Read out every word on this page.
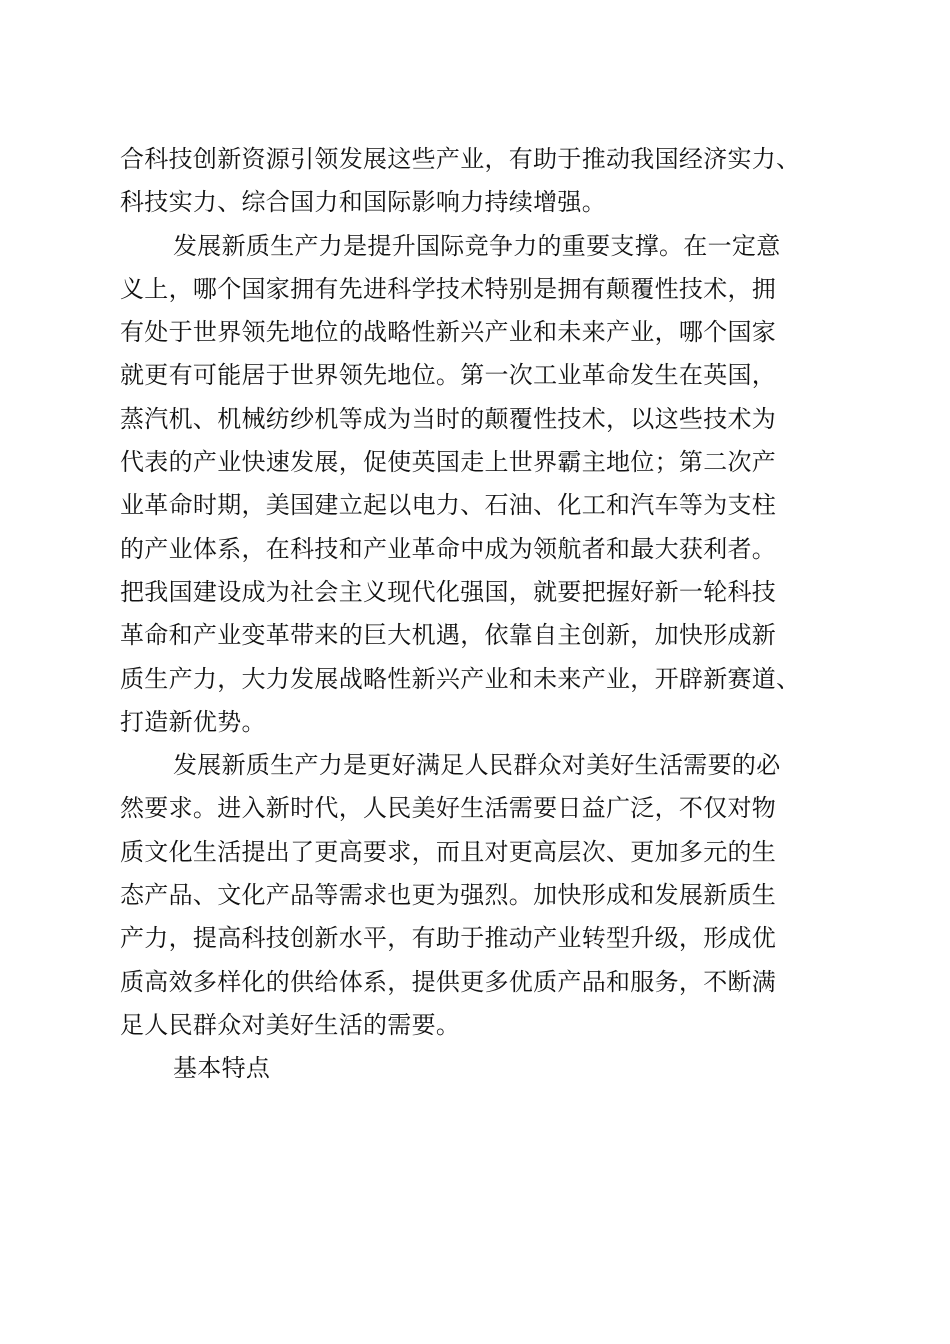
合科技创新资源引领发展这些产业，有助于推动我国经济实力、
科技实力、综合国力和国际影响力持续增强。
发展新质生产力是提升国际竞争力的重要支撑。在一定意
义上，哪个国家拥有先进科学技术特别是拥有颠覆性技术，拥
有处于世界领先地位的战略性新兴产业和未来产业，哪个国家
就更有可能居于世界领先地位。第一次工业革命发生在英国，
蒸汽机、机械纺纱机等成为当时的颠覆性技术，以这些技术为
代表的产业快速发展，促使英国走上世界霸主地位；第二次产
业革命时期，美国建立起以电力、石油、化工和汽车等为支柱
的产业体系，在科技和产业革命中成为领航者和最大获利者。
把我国建设成为社会主义现代化强国，就要把握好新一轮科技
革命和产业变革带来的巨大机遇，依靠自主创新，加快形成新
质生产力，大力发展战略性新兴产业和未来产业，开辟新赛道、
打造新优势。
发展新质生产力是更好满足人民群众对美好生活需要的必
然要求。进入新时代，人民美好生活需要日益广泛，不仅对物
质文化生活提出了更高要求，而且对更高层次、更加多元的生
态产品、文化产品等需求也更为强烈。加快形成和发展新质生
产力，提高科技创新水平，有助于推动产业转型升级，形成优
质高效多样化的供给体系，提供更多优质产品和服务，不断满
足人民群众对美好生活的需要。
基本特点
